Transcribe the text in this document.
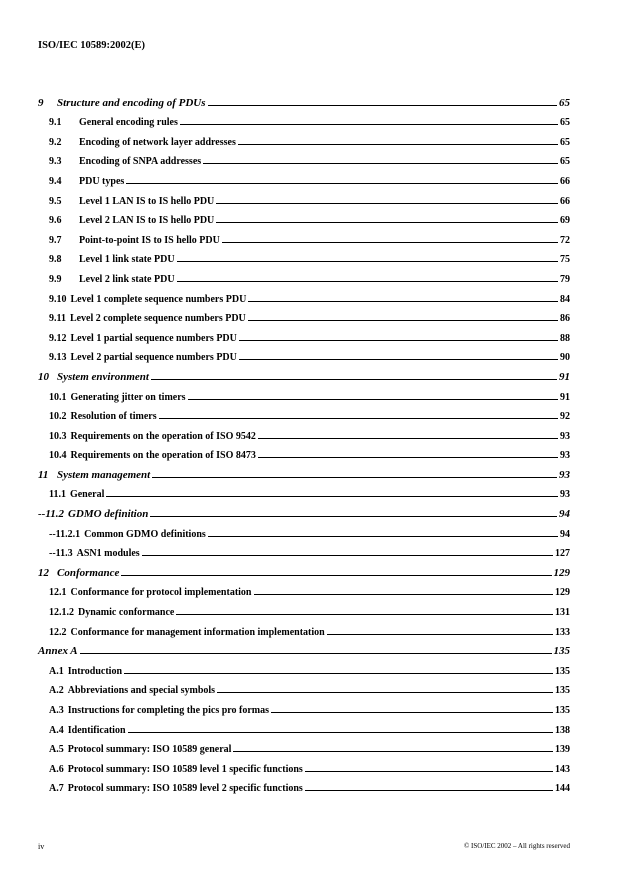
ISO/IEC 10589:2002(E)
9	Structure and encoding of PDUs	65
9.1	General encoding rules	65
9.2	Encoding of network layer addresses	65
9.3	Encoding of SNPA addresses	65
9.4	PDU types	66
9.5	Level 1 LAN IS to IS hello PDU	66
9.6	Level 2 LAN IS to IS hello PDU	69
9.7	Point-to-point IS to IS hello PDU	72
9.8	Level 1 link state PDU	75
9.9	Level 2 link state PDU	79
9.10 Level 1 complete sequence numbers PDU	84
9.11 Level 2 complete sequence numbers PDU	86
9.12 Level 1 partial sequence numbers PDU	88
9.13 Level 2 partial sequence numbers PDU	90
10 System environment	91
10.1 Generating jitter on timers	91
10.2 Resolution of timers	92
10.3 Requirements on the operation of ISO 9542	93
10.4 Requirements on the operation of ISO 8473	93
11 System management	93
11.1 General	93
--11.2 GDMO definition	94
--11.2.1 Common GDMO definitions	94
--11.3 ASN1 modules	127
12 Conformance	129
12.1 Conformance for protocol implementation	129
12.1.2 Dynamic conformance	131
12.2 Conformance for management information implementation	133
Annex A	135
A.1 Introduction	135
A.2 Abbreviations and special symbols	135
A.3 Instructions for completing the pics pro formas	135
A.4 Identification	138
A.5 Protocol summary: ISO 10589 general	139
A.6 Protocol summary: ISO 10589 level 1 specific functions	143
A.7 Protocol summary: ISO 10589 level 2 specific functions	144
iv	© ISO/IEC 2002 – All rights reserved
